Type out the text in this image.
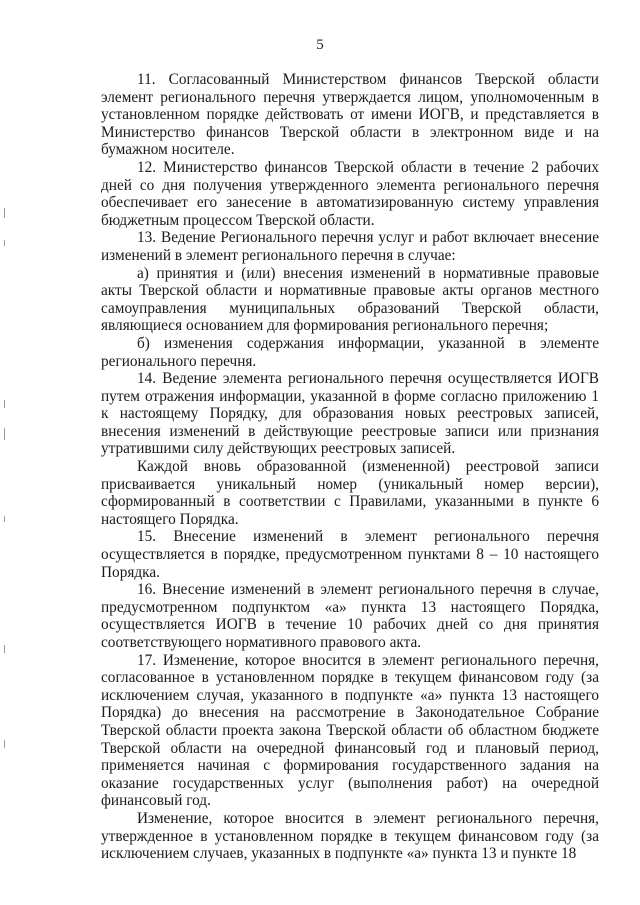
5

11. Согласованный Министерством финансов Тверской области элемент регионального перечня утверждается лицом, уполномоченным в установленном порядке действовать от имени ИОГВ, и представляется в Министерство финансов Тверской области в электронном виде и на бумажном носителе.

12. Министерство финансов Тверской области в течение 2 рабочих дней со дня получения утвержденного элемента регионального перечня обеспечивает его занесение в автоматизированную систему управления бюджетным процессом Тверской области.

13. Ведение Регионального перечня услуг и работ включает внесение изменений в элемент регионального перечня в случае:

а) принятия и (или) внесения изменений в нормативные правовые акты Тверской области и нормативные правовые акты органов местного самоуправления муниципальных образований Тверской области, являющиеся основанием для формирования регионального перечня;

б) изменения содержания информации, указанной в элементе регионального перечня.

14. Ведение элемента регионального перечня осуществляется ИОГВ путем отражения информации, указанной в форме согласно приложению 1 к настоящему Порядку, для образования новых реестровых записей, внесения изменений в действующие реестровые записи или признания утратившими силу действующих реестровых записей.

Каждой вновь образованной (измененной) реестровой записи присваивается уникальный номер (уникальный номер версии), сформированный в соответствии с Правилами, указанными в пункте 6 настоящего Порядка.

15. Внесение изменений в элемент регионального перечня осуществляется в порядке, предусмотренном пунктами 8 – 10 настоящего Порядка.

16. Внесение изменений в элемент регионального перечня в случае, предусмотренном подпунктом «а» пункта 13 настоящего Порядка, осуществляется ИОГВ в течение 10 рабочих дней со дня принятия соответствующего нормативного правового акта.

17. Изменение, которое вносится в элемент регионального перечня, согласованное в установленном порядке в текущем финансовом году (за исключением случая, указанного в подпункте «а» пункта 13 настоящего Порядка) до внесения на рассмотрение в Законодательное Собрание Тверской области проекта закона Тверской области об областном бюджете Тверской области на очередной финансовый год и плановый период, применяется начиная с формирования государственного задания на оказание государственных услуг (выполнения работ) на очередной финансовый год.

Изменение, которое вносится в элемент регионального перечня, утвержденное в установленном порядке в текущем финансовом году (за исключением случаев, указанных в подпункте «а» пункта 13 и пункте 18
